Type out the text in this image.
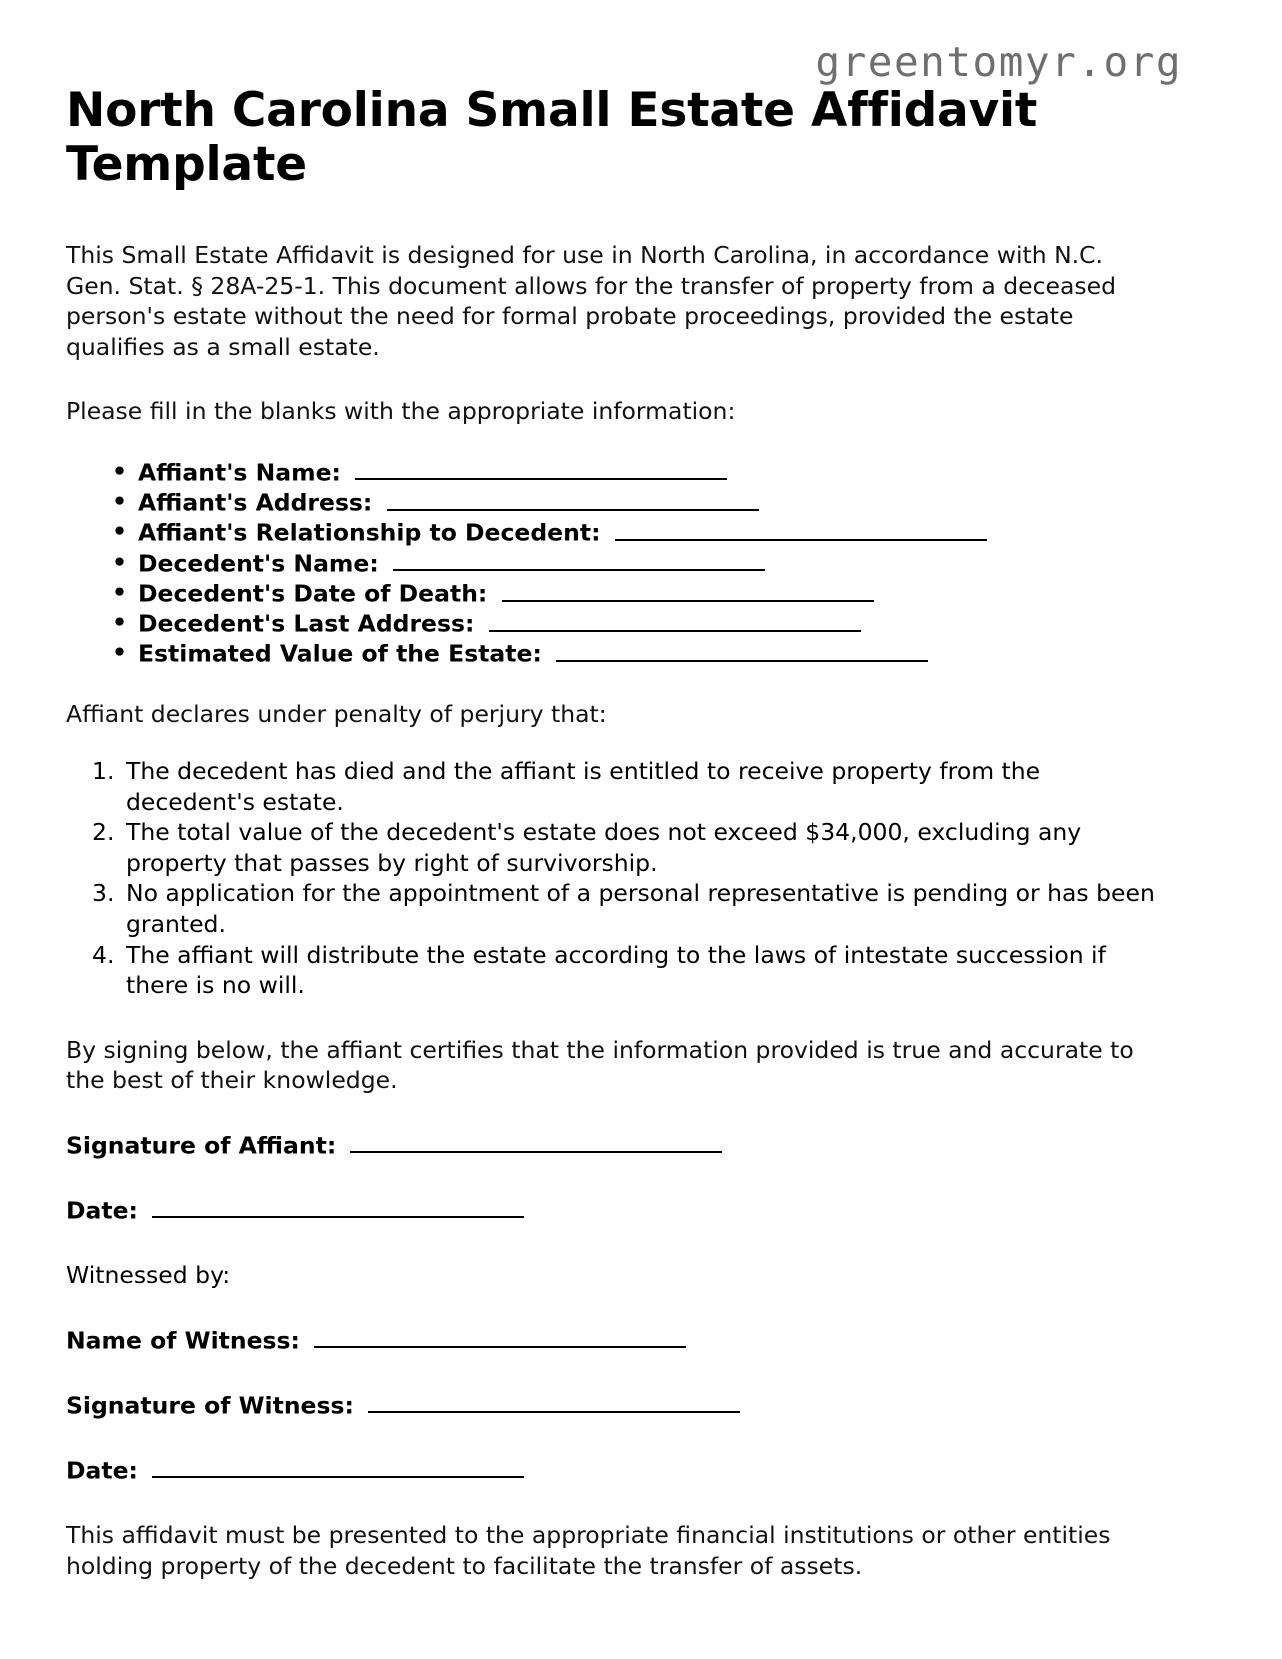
greentomyr.org
North Carolina Small Estate Affidavit Template

This Small Estate Affidavit is designed for use in North Carolina, in accordance with N.C. Gen. Stat. § 28A-25-1. This document allows for the transfer of property from a deceased person's estate without the need for formal probate proceedings, provided the estate qualifies as a small estate.

Please fill in the blanks with the appropriate information:

• Affiant's Name:
• Affiant's Address:
• Affiant's Relationship to Decedent:
• Decedent's Name:
• Decedent's Date of Death:
• Decedent's Last Address:
• Estimated Value of the Estate:

Affiant declares under penalty of perjury that:

The decedent has died and the affiant is entitled to receive property from the decedent's estate.
The total value of the decedent's estate does not exceed $34,000, excluding any property that passes by right of survivorship.
No application for the appointment of a personal representative is pending or has been granted.
The affiant will distribute the estate according to the laws of intestate succession if there is no will.

By signing below, the affiant certifies that the information provided is true and accurate to the best of their knowledge.

Signature of Affiant:
Date:
Witnessed by:
Name of Witness:
Signature of Witness:
Date:

This affidavit must be presented to the appropriate financial institutions or other entities holding property of the decedent to facilitate the transfer of assets.
